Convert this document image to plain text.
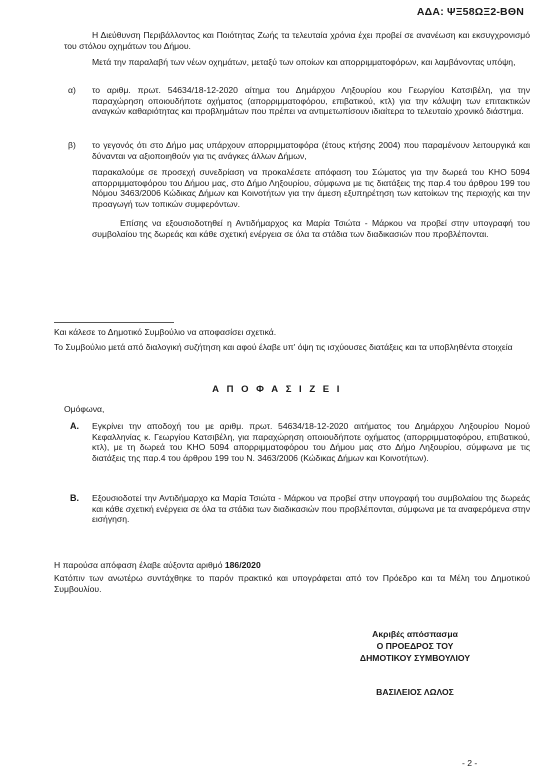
ΑΔΑ: ΨΞ58ΩΞ2-ΒΘΝ
Η Διεύθυνση Περιβάλλοντος και Ποιότητας Ζωής τα τελευταία χρόνια έχει προβεί σε ανανέωση και εκσυγχρονισμό του στόλου οχημάτων του Δήμου.
Μετά την παραλαβή των νέων οχημάτων, μεταξύ των οποίων και απορριμματοφόρων, και λαμβάνοντας υπόψη,
α) το αριθμ. πρωτ. 54634/18-12-2020 αίτημα του Δημάρχου Ληξουρίου κου Γεωργίου Κατσιβέλη, για την παραχώρηση οποιουδήποτε οχήματος (απορριμματοφόρου, επιβατικού, κτλ) για την κάλυψη των επιτακτικών αναγκών καθαριότητας και προβλημάτων που πρέπει να αντιμετωπίσουν ιδιαίτερα το τελευταίο χρονικό διάστημα.
β) το γεγονός ότι στο Δήμο μας υπάρχουν απορριμματοφόρα (έτους κτήσης 2004) που παραμένουν λειτουργικά και δύνανται να αξιοποιηθούν για τις ανάγκες άλλων Δήμων,
παρακαλούμε σε προσεχή συνεδρίαση να προκαλέσετε απόφαση του Σώματος για την δωρεά του ΚΗΟ 5094 απορριμματοφόρου του Δήμου μας, στο Δήμο Ληξουρίου, σύμφωνα με τις διατάξεις της παρ.4 του άρθρου 199 του Νόμου 3463/2006 Κώδικας Δήμων και Κοινοτήτων για την άμεση εξυπηρέτηση των κατοίκων της περιοχής και την προαγωγή των τοπικών συμφερόντων.
Επίσης να εξουσιοδοτηθεί η Αντιδήμαρχος κα Μαρία Τσιώτα - Μάρκου να προβεί στην υπογραφή του συμβολαίου της δωρεάς και κάθε σχετική ενέργεια σε όλα τα στάδια των διαδικασιών που προβλέπονται.
Και κάλεσε το Δημοτικό Συμβούλιο να αποφασίσει σχετικά.
Το Συμβούλιο μετά από διαλογική συζήτηση και αφού έλαβε υπ' όψη τις ισχύουσες διατάξεις και τα υποβληθέντα στοιχεία
Α Π Ο Φ Α Σ Ι Ζ Ε Ι
Ομόφωνα,
Α. Εγκρίνει την αποδοχή του με αριθμ. πρωτ. 54634/18-12-2020 αιτήματος του Δημάρχου Ληξουρίου Νομού Κεφαλληνίας κ. Γεωργίου Κατσιβέλη, για παραχώρηση οποιουδήποτε οχήματος (απορριμματοφόρου, επιβατικού, κτλ), με τη δωρεά του ΚΗΟ 5094 απορριμματοφόρου του Δήμου μας στο Δήμο Ληξουρίου, σύμφωνα με τις διατάξεις της παρ.4 του άρθρου 199 του Ν. 3463/2006 (Κώδικας Δήμων και Κοινοτήτων).
Β. Εξουσιοδοτεί την Αντιδήμαρχο κα Μαρία Τσιώτα - Μάρκου να προβεί στην υπογραφή του συμβολαίου της δωρεάς και κάθε σχετική ενέργεια σε όλα τα στάδια των διαδικασιών που προβλέπονται, σύμφωνα με τα αναφερόμενα στην εισήγηση.
Η παρούσα απόφαση έλαβε αύξοντα αριθμό 186/2020
Κατόπιν των ανωτέρω συντάχθηκε το παρόν πρακτικό και υπογράφεται από τον Πρόεδρο και τα Μέλη του Δημοτικού Συμβουλίου.
Ακριβές απόσπασμα
Ο ΠΡΟΕΔΡΟΣ ΤΟΥ
ΔΗΜΟΤΙΚΟΥ ΣΥΜΒΟΥΛΙΟΥ
ΒΑΣΙΛΕΙΟΣ ΛΩΛΟΣ
- 2 -
